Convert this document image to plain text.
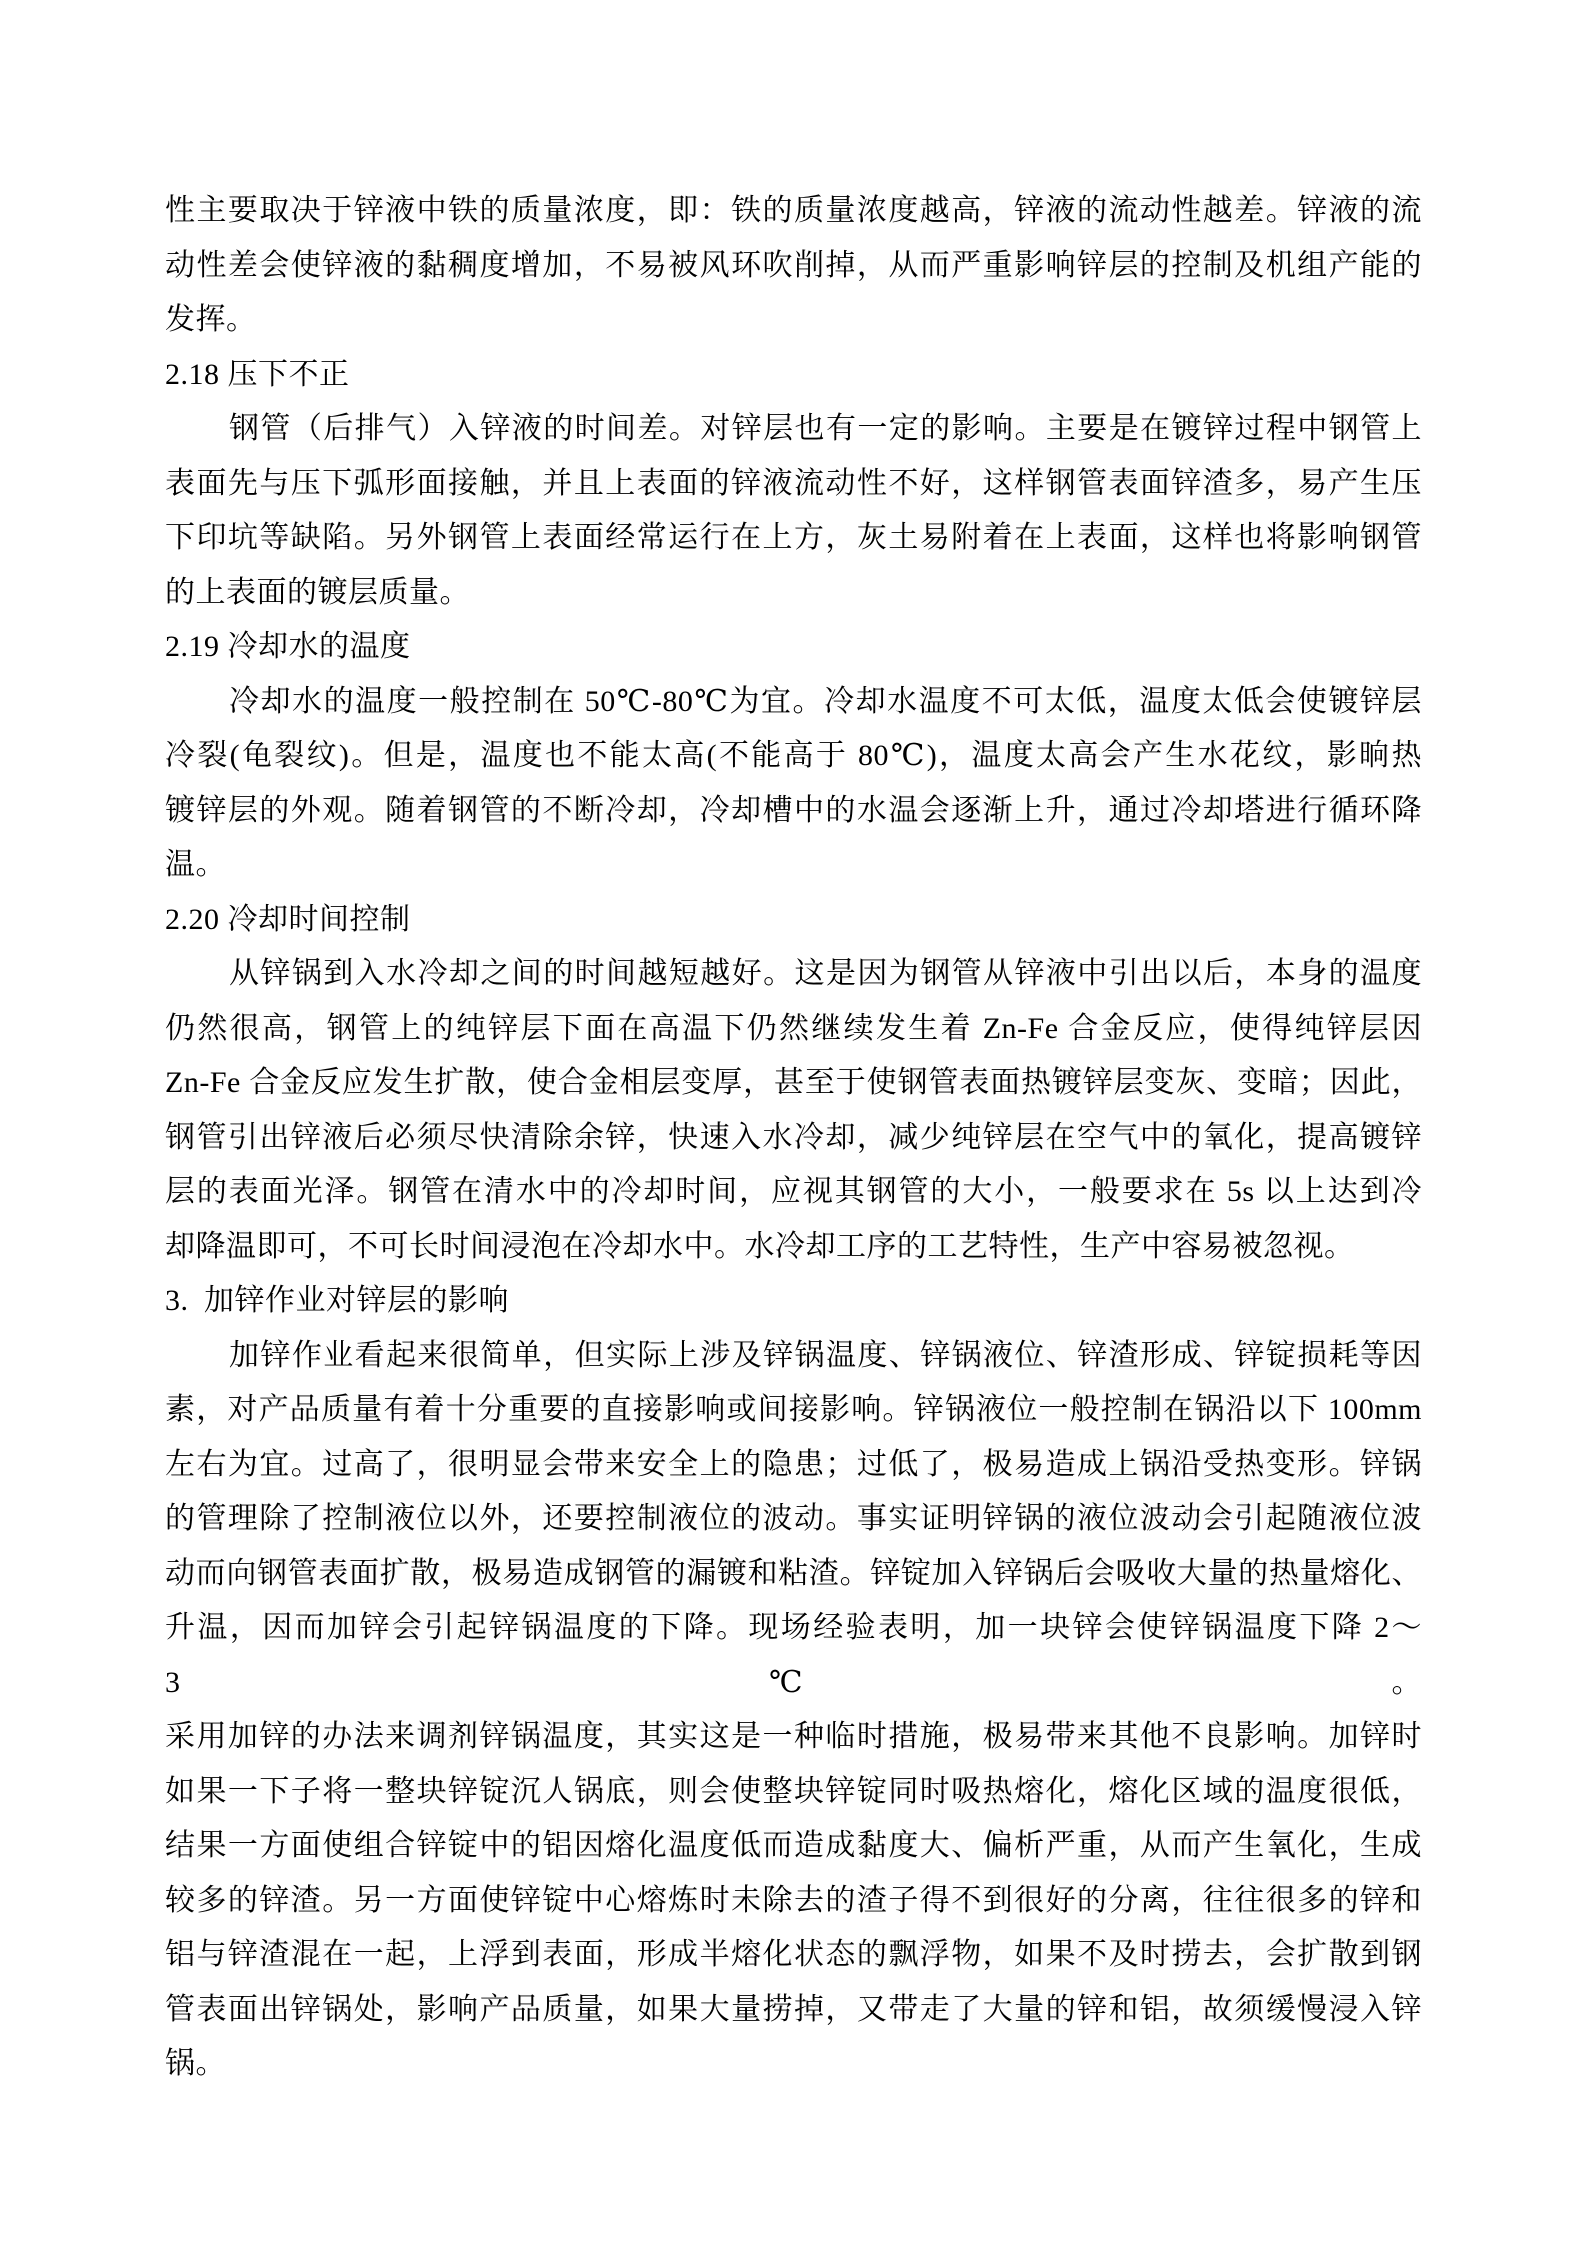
性主要取决于锌液中铁的质量浓度，即：铁的质量浓度越高，锌液的流动性越差。锌液的流
动性差会使锌液的黏稠度增加，不易被风环吹削掉，从而严重影响锌层的控制及机组产能的
发挥。
2.18 压下不正
钢管（后排气）入锌液的时间差。对锌层也有一定的影响。主要是在镀锌过程中钢管上
表面先与压下弧形面接触，并且上表面的锌液流动性不好，这样钢管表面锌渣多，易产生压
下印坑等缺陷。另外钢管上表面经常运行在上方，灰土易附着在上表面，这样也将影响钢管
的上表面的镀层质量。
2.19 冷却水的温度
冷却水的温度一般控制在 50℃-80℃为宜。冷却水温度不可太低，温度太低会使镀锌层
冷裂(龟裂纹)。但是，温度也不能太高(不能高于 80℃)，温度太高会产生水花纹，影晌热
镀锌层的外观。随着钢管的不断冷却，冷却槽中的水温会逐渐上升，通过冷却塔进行循环降
温。
2.20 冷却时间控制
从锌锅到入水冷却之间的时间越短越好。这是因为钢管从锌液中引出以后，本身的温度
仍然很高，钢管上的纯锌层下面在高温下仍然继续发生着 Zn-Fe 合金反应，使得纯锌层因
Zn-Fe 合金反应发生扩散，使合金相层变厚，甚至于使钢管表面热镀锌层变灰、变暗；因此，
钢管引出锌液后必须尽快清除余锌，快速入水冷却，减少纯锌层在空气中的氧化，提高镀锌
层的表面光泽。钢管在清水中的冷却时间，应视其钢管的大小，一般要求在 5s 以上达到冷
却降温即可，不可长时间浸泡在冷却水中。水冷却工序的工艺特性，生产中容易被忽视。
3. 加锌作业对锌层的影响
加锌作业看起来很简单，但实际上涉及锌锅温度、锌锅液位、锌渣形成、锌锭损耗等因
素，对产品质量有着十分重要的直接影响或间接影响。锌锅液位一般控制在锅沿以下 100mm
左右为宜。过高了，很明显会带来安全上的隐患；过低了，极易造成上锅沿受热变形。锌锅
的管理除了控制液位以外，还要控制液位的波动。事实证明锌锅的液位波动会引起随液位波
动而向钢管表面扩散，极易造成钢管的漏镀和粘渣。锌锭加入锌锅后会吸收大量的热量熔化、
升温，因而加锌会引起锌锅温度的下降。现场经验表明，加一块锌会使锌锅温度下降 2～3℃。
采用加锌的办法来调剂锌锅温度，其实这是一种临时措施，极易带来其他不良影响。加锌时
如果一下子将一整块锌锭沉人锅底，则会使整块锌锭同时吸热熔化，熔化区域的温度很低，
结果一方面使组合锌锭中的铝因熔化温度低而造成黏度大、偏析严重，从而产生氧化，生成
较多的锌渣。另一方面使锌锭中心熔炼时未除去的渣子得不到很好的分离，往往很多的锌和
铝与锌渣混在一起，上浮到表面，形成半熔化状态的飘浮物，如果不及时捞去，会扩散到钢
管表面出锌锅处，影响产品质量，如果大量捞掉，又带走了大量的锌和铝，故须缓慢浸入锌
锅。
